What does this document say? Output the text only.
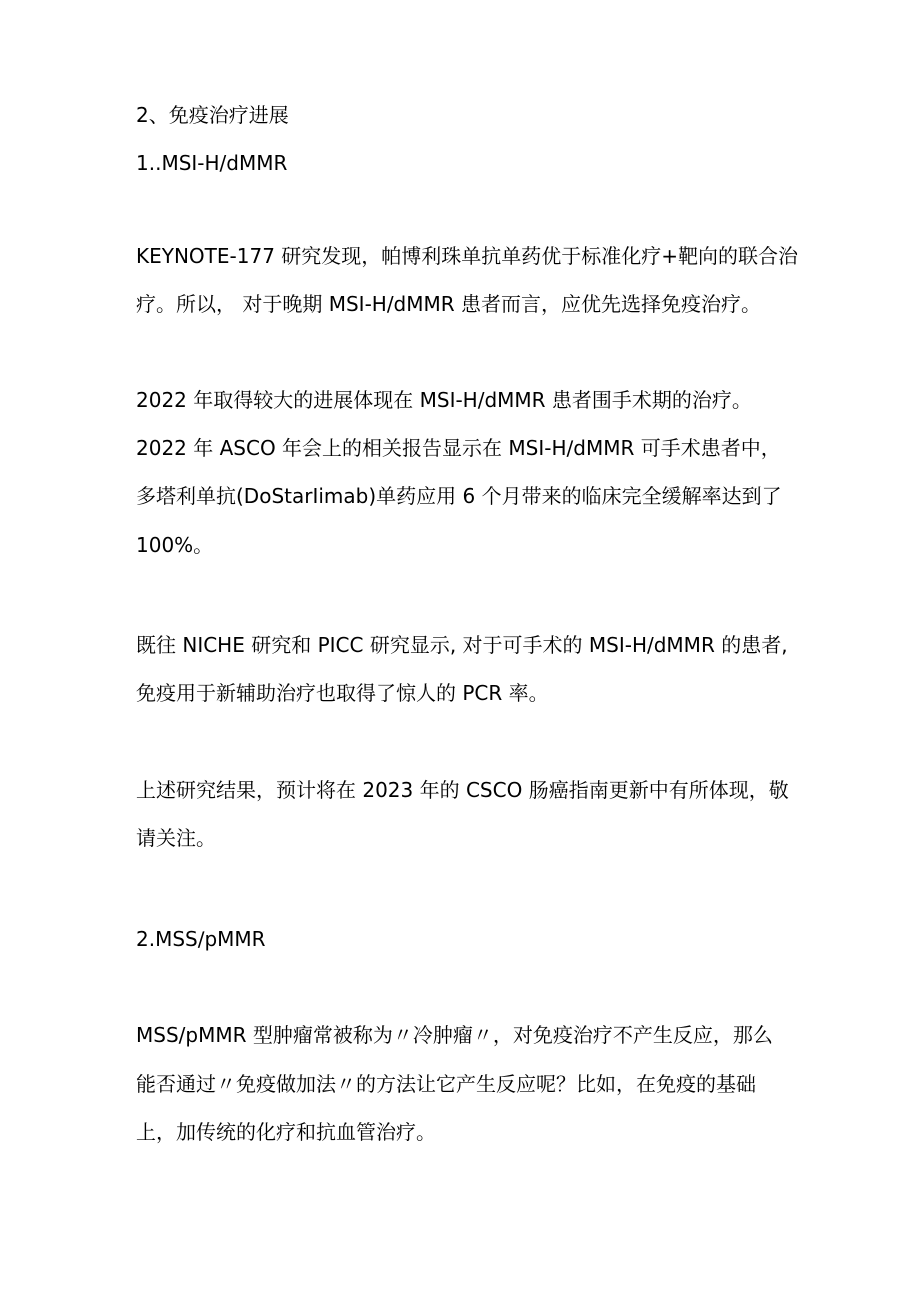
2、免疫治疗进展
1..MSI-H/dMMR
KEYNOTE-177 研究发现，帕博利珠单抗单药优于标准化疗+靶向的联合治
疗。所以， 对于晚期 MSI-H/dMMR 患者而言，应优先选择免疫治疗。
2022 年取得较大的进展体现在 MSI-H/dMMR 患者围手术期的治疗。
2022 年 ASCO 年会上的相关报告显示在 MSI-H∕dMMR 可手术患者中，
多塔利单抗(DoStarIimab)单药应用 6 个月带来的临床完全缓解率达到了
100%。
既往 NICHE 研究和 PICC 研究显示, 对于可手术的 MSI-H/dMMR 的患者,
免疫用于新辅助治疗也取得了惊人的 PCR 率。
上述研究结果，预计将在 2023 年的 CSCO 肠癌指南更新中有所体现，敬
请关注。
2.MSS∕pMMR
MSS/pMMR 型肿瘤常被称为〃冷肿瘤〃，对免疫治疗不产生反应，那么
能否通过〃免疫做加法〃的方法让它产生反应呢？比如，在免疫的基础
上，加传统的化疗和抗血管治疗。
